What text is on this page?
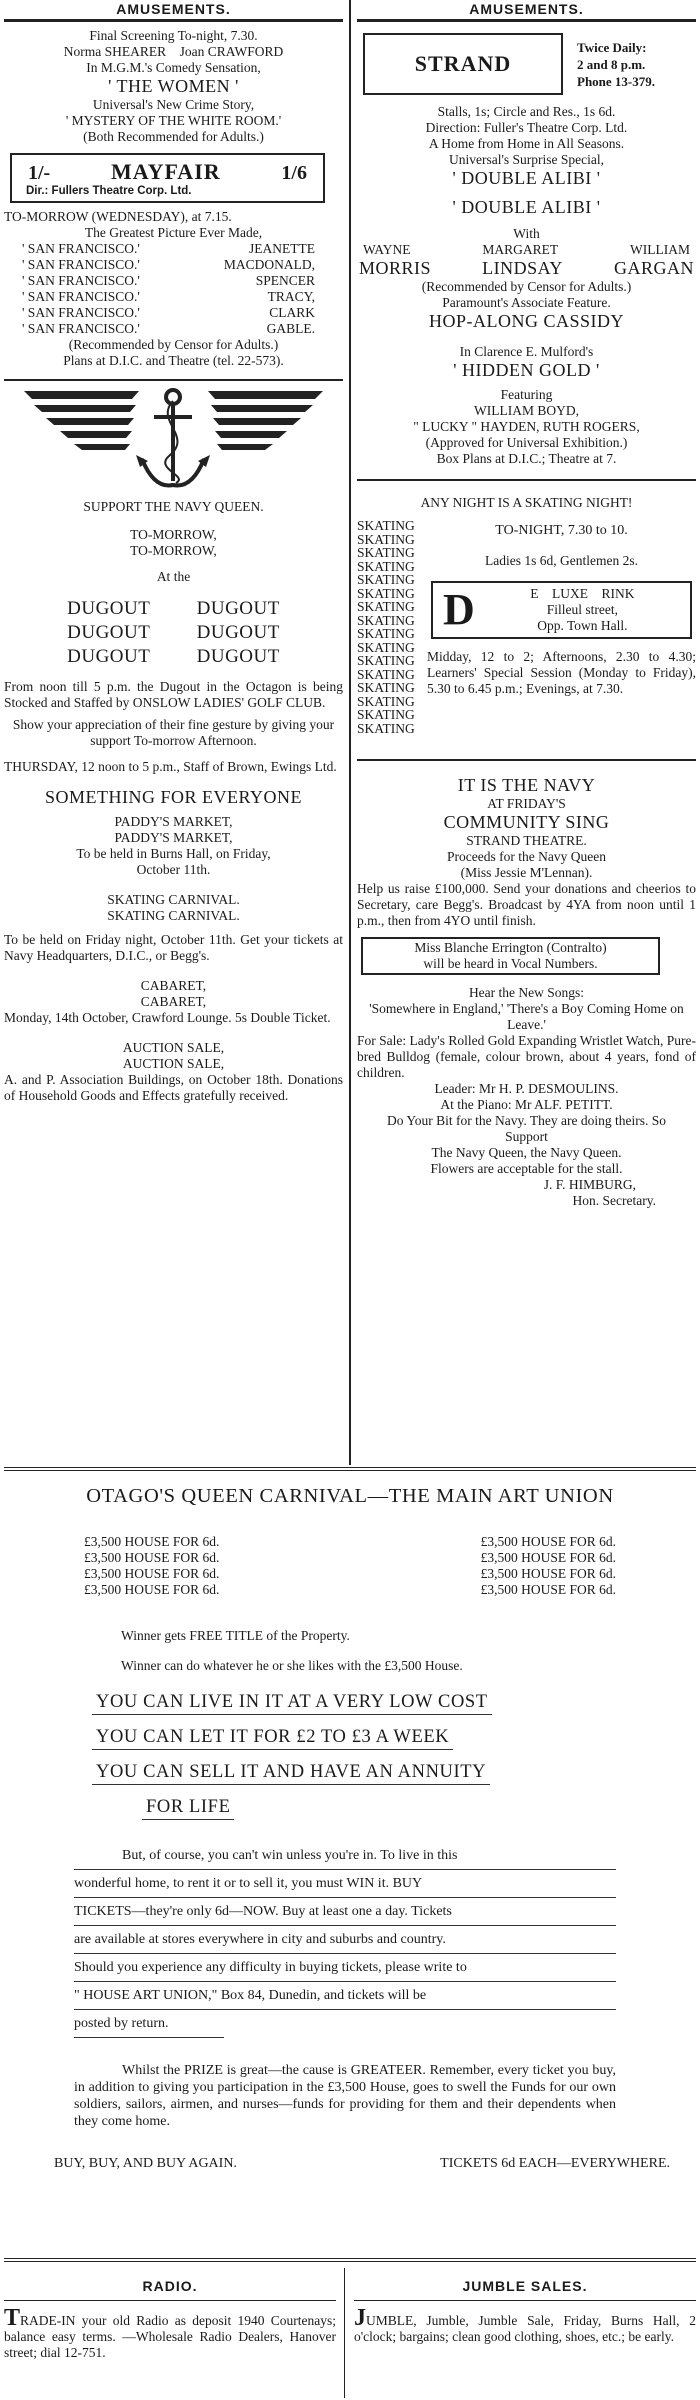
AMUSEMENTS.
Final Screening To-night, 7.30.
Norma SHEARER    Joan CRAWFORD
In M.G.M.'s Comedy Sensation,
' THE WOMEN '
Universal's New Crime Story,
' MYSTERY OF THE WHITE ROOM.'
(Both Recommended for Adults.)
1/-	MAYFAIR	1/6
Dir.: Fullers Theatre Corp. Ltd.
TO-MORROW (WEDNESDAY), at 7.15.
The Greatest Picture Ever Made,
' SAN FRANCISCO.'	JEANETTE
' SAN FRANCISCO.'	MACDONALD,
' SAN FRANCISCO.'	SPENCER
' SAN FRANCISCO.'	TRACY,
' SAN FRANCISCO.'	CLARK
' SAN FRANCISCO.'	GABLE.
(Recommended by Censor for Adults.)
Plans at D.I.C. and Theatre (tel. 22-573).
SUPPORT THE NAVY QUEEN.
TO-MORROW,
TO-MORROW,
At the
DUGOUT	DUGOUT
DUGOUT	DUGOUT
DUGOUT	DUGOUT

From noon till 5 p.m. the Dugout in the Octagon is being Stocked and Staffed by ONSLOW LADIES' GOLF CLUB.

Show your appreciation of their fine gesture by giving your support To-morrow Afternoon.

THURSDAY, 12 noon to 5 p.m., Staff of Brown, Ewings Ltd.

SOMETHING FOR EVERYONE
PADDY'S MARKET,
PADDY'S MARKET,

To be held in Burns Hall, on Friday, October 11th.

SKATING CARNIVAL.
SKATING CARNIVAL.

To be held on Friday night, October 11th. Get your tickets at Navy Headquarters, D.I.C., or Begg's.

CABARET,
CABARET,

Monday, 14th October, Crawford Lounge. 5s Double Ticket.

AUCTION SALE,
AUCTION SALE,

A. and P. Association Buildings, on October 18th. Donations of Household Goods and Effects gratefully received.

AMUSEMENTS.
STRAND
Twice Daily:
2 and 8 p.m.
Phone 13-379.
Stalls, 1s; Circle and Res., 1s 6d.
Direction: Fuller's Theatre Corp. Ltd.
A Home from Home in All Seasons.
Universal's Surprise Special,
' DOUBLE ALIBI '
' DOUBLE ALIBI '
With
WAYNE	MARGARET	WILLIAM
MORRIS	LINDSAY	GARGAN
(Recommended by Censor for Adults.)
Paramount's Associate Feature.
HOP-ALONG CASSIDY
In Clarence E. Mulford's
' HIDDEN GOLD '
Featuring
WILLIAM BOYD,
" LUCKY " HAYDEN, RUTH ROGERS,
(Approved for Universal Exhibition.)
Box Plans at D.I.C.; Theatre at 7.
ANY NIGHT IS A SKATING NIGHT!
SKATING
SKATING
SKATING
SKATING
SKATING
SKATING
SKATING
SKATING
SKATING
SKATING
SKATING
SKATING
SKATING
SKATING
SKATING
SKATING
TO-NIGHT, 7.30 to 10.
Ladies 1s 6d, Gentlemen 2s.
D	E    LUXE    RINK
Filleul street,
Opp. Town Hall.

Midday, 12 to 2; Afternoons, 2.30 to 4.30; Learners' Special Session (Monday to Friday), 5.30 to 6.45 p.m.; Evenings, at 7.30.

IT IS THE NAVY
AT FRIDAY'S
COMMUNITY SING
STRAND THEATRE.
Proceeds for the Navy Queen
(Miss Jessie M'Lennan).

Help us raise £100,000. Send your donations and cheerios to Secretary, care Begg's. Broadcast by 4YA from noon until 1 p.m., then from 4YO until finish.

Miss Blanche Errington (Contralto)
will be heard in Vocal Numbers.
Hear the New Songs:

'Somewhere in England,' 'There's a Boy Coming Home on Leave.'

For Sale: Lady's Rolled Gold Expanding Wristlet Watch, Pure-bred Bulldog (female, colour brown, about 4 years, fond of children.

Leader: Mr H. P. DESMOULINS.
At the Piano: Mr ALF. PETITT.

Do Your Bit for the Navy. They are doing theirs. So Support

The Navy Queen, the Navy Queen.
Flowers are acceptable for the stall.
J. F. HIMBURG,
Hon. Secretary.
OTAGO'S QUEEN CARNIVAL—THE MAIN ART UNION
£3,500 HOUSE FOR 6d.	£3,500 HOUSE FOR 6d.
£3,500 HOUSE FOR 6d.	£3,500 HOUSE FOR 6d.
£3,500 HOUSE FOR 6d.	£3,500 HOUSE FOR 6d.
£3,500 HOUSE FOR 6d.	£3,500 HOUSE FOR 6d.
Winner gets FREE TITLE of the Property.
Winner can do whatever he or she likes with the £3,500 House.
YOU CAN LIVE IN IT AT A VERY LOW COST
YOU CAN LET IT FOR £2 TO £3 A WEEK
YOU CAN SELL IT AND HAVE AN ANNUITY
FOR LIFE
But, of course, you can't win unless you're in. To live in this
wonderful home, to rent it or to sell it, you must WIN it. BUY
TICKETS—they're only 6d—NOW. Buy at least one a day. Tickets
are available at stores everywhere in city and suburbs and country.
Should you experience any difficulty in buying tickets, please write to
" HOUSE ART UNION," Box 84, Dunedin, and tickets will be
posted by return.

Whilst the PRIZE is great—the cause is GREATEER. Remember, every ticket you buy, in addition to giving you participation in the £3,500 House, goes to swell the Funds for our own soldiers, sailors, airmen, and nurses—funds for providing for them and their dependents when they come home.

BUY, BUY, AND BUY AGAIN.	TICKETS 6d EACH—EVERYWHERE.
RADIO.

TRADE-IN your old Radio as deposit 1940 Courtenays; balance easy terms. —Wholesale Radio Dealers, Hanover street; dial 12-751.

JUMBLE SALES.

JUMBLE, Jumble, Jumble Sale, Friday, Burns Hall, 2 o'clock; bargains; clean good clothing, shoes, etc.; be early.
